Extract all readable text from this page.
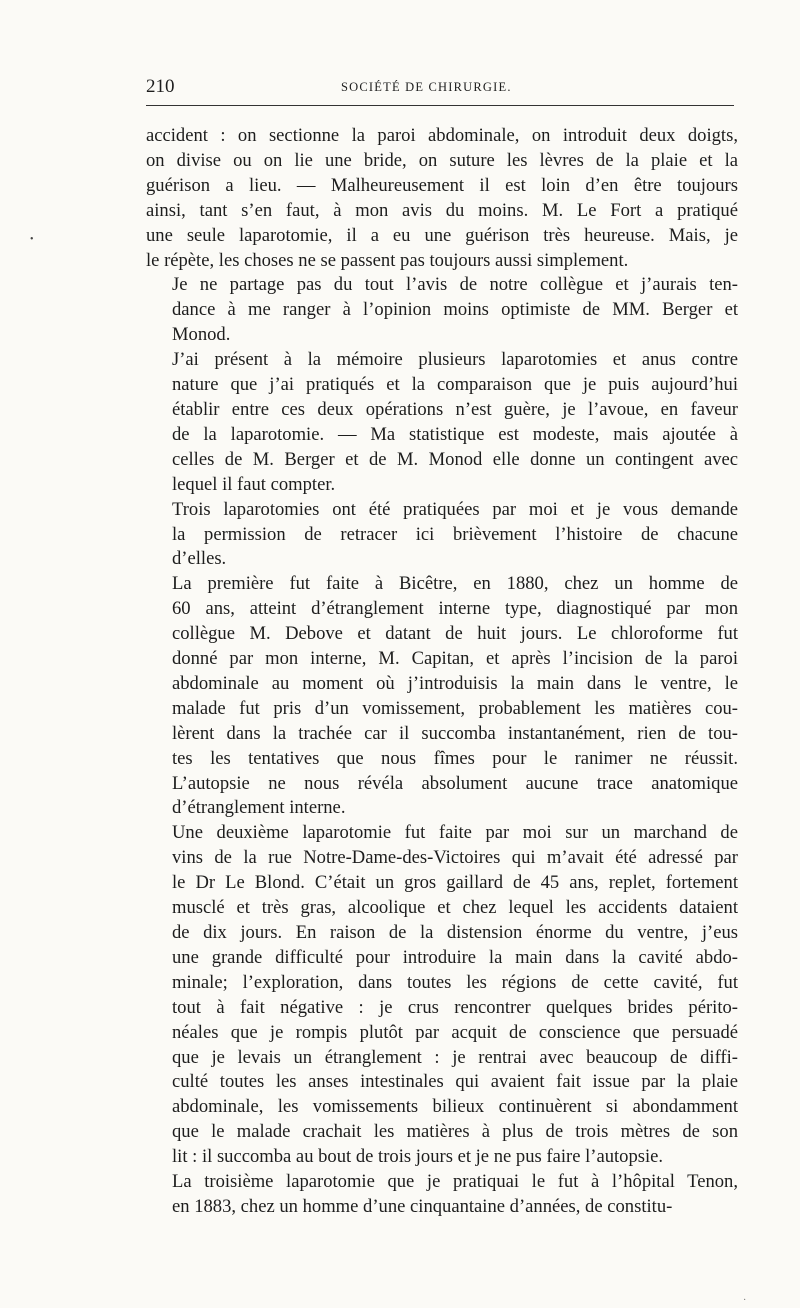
210	SOCIÉTÉ DE CHIRURGIE.
•

accident : on sectionne la paroi abdominale, on introduit deux doigts,
on divise ou on lie une bride, on suture les lèvres de la plaie et la
guérison a lieu. — Malheureusement il est loin d’en être toujours
ainsi, tant s’en faut, à mon avis du moins. M. Le Fort a pratiqué
une seule laparotomie, il a eu une guérison très heureuse. Mais, je
le répète, les choses ne se passent pas toujours aussi simplement.

Je ne partage pas du tout l’avis de notre collègue et j’aurais ten-
dance à me ranger à l’opinion moins optimiste de MM. Berger et
Monod.

J’ai présent à la mémoire plusieurs laparotomies et anus contre
nature que j’ai pratiqués et la comparaison que je puis aujourd’hui
établir entre ces deux opérations n’est guère, je l’avoue, en faveur
de la laparotomie. — Ma statistique est modeste, mais ajoutée à
celles de M. Berger et de M. Monod elle donne un contingent avec
lequel il faut compter.

Trois laparotomies ont été pratiquées par moi et je vous demande
la permission de retracer ici brièvement l’histoire de chacune
d’elles.

La première fut faite à Bicêtre, en 1880, chez un homme de
60 ans, atteint d’étranglement interne type, diagnostiqué par mon
collègue M. Debove et datant de huit jours. Le chloroforme fut
donné par mon interne, M. Capitan, et après l’incision de la paroi
abdominale au moment où j’introduisis la main dans le ventre, le
malade fut pris d’un vomissement, probablement les matières cou-
lèrent dans la trachée car il succomba instantanément, rien de tou-
tes les tentatives que nous fîmes pour le ranimer ne réussit.
L’autopsie ne nous révéla absolument aucune trace anatomique
d’étranglement interne.

Une deuxième laparotomie fut faite par moi sur un marchand de
vins de la rue Notre-Dame-des-Victoires qui m’avait été adressé par
le Dr Le Blond. C’était un gros gaillard de 45 ans, replet, fortement
musclé et très gras, alcoolique et chez lequel les accidents dataient
de dix jours. En raison de la distension énorme du ventre, j’eus
une grande difficulté pour introduire la main dans la cavité abdo-
minale; l’exploration, dans toutes les régions de cette cavité, fut
tout à fait négative : je crus rencontrer quelques brides périto-
néales que je rompis plutôt par acquit de conscience que persuadé
que je levais un étranglement : je rentrai avec beaucoup de diffi-
culté toutes les anses intestinales qui avaient fait issue par la plaie
abdominale, les vomissements bilieux continuèrent si abondamment
que le malade crachait les matières à plus de trois mètres de son
lit : il succomba au bout de trois jours et je ne pus faire l’autopsie.

La troisième laparotomie que je pratiquai le fut à l’hôpital Tenon,
en 1883, chez un homme d’une cinquantaine d’années, de constitu-

·
